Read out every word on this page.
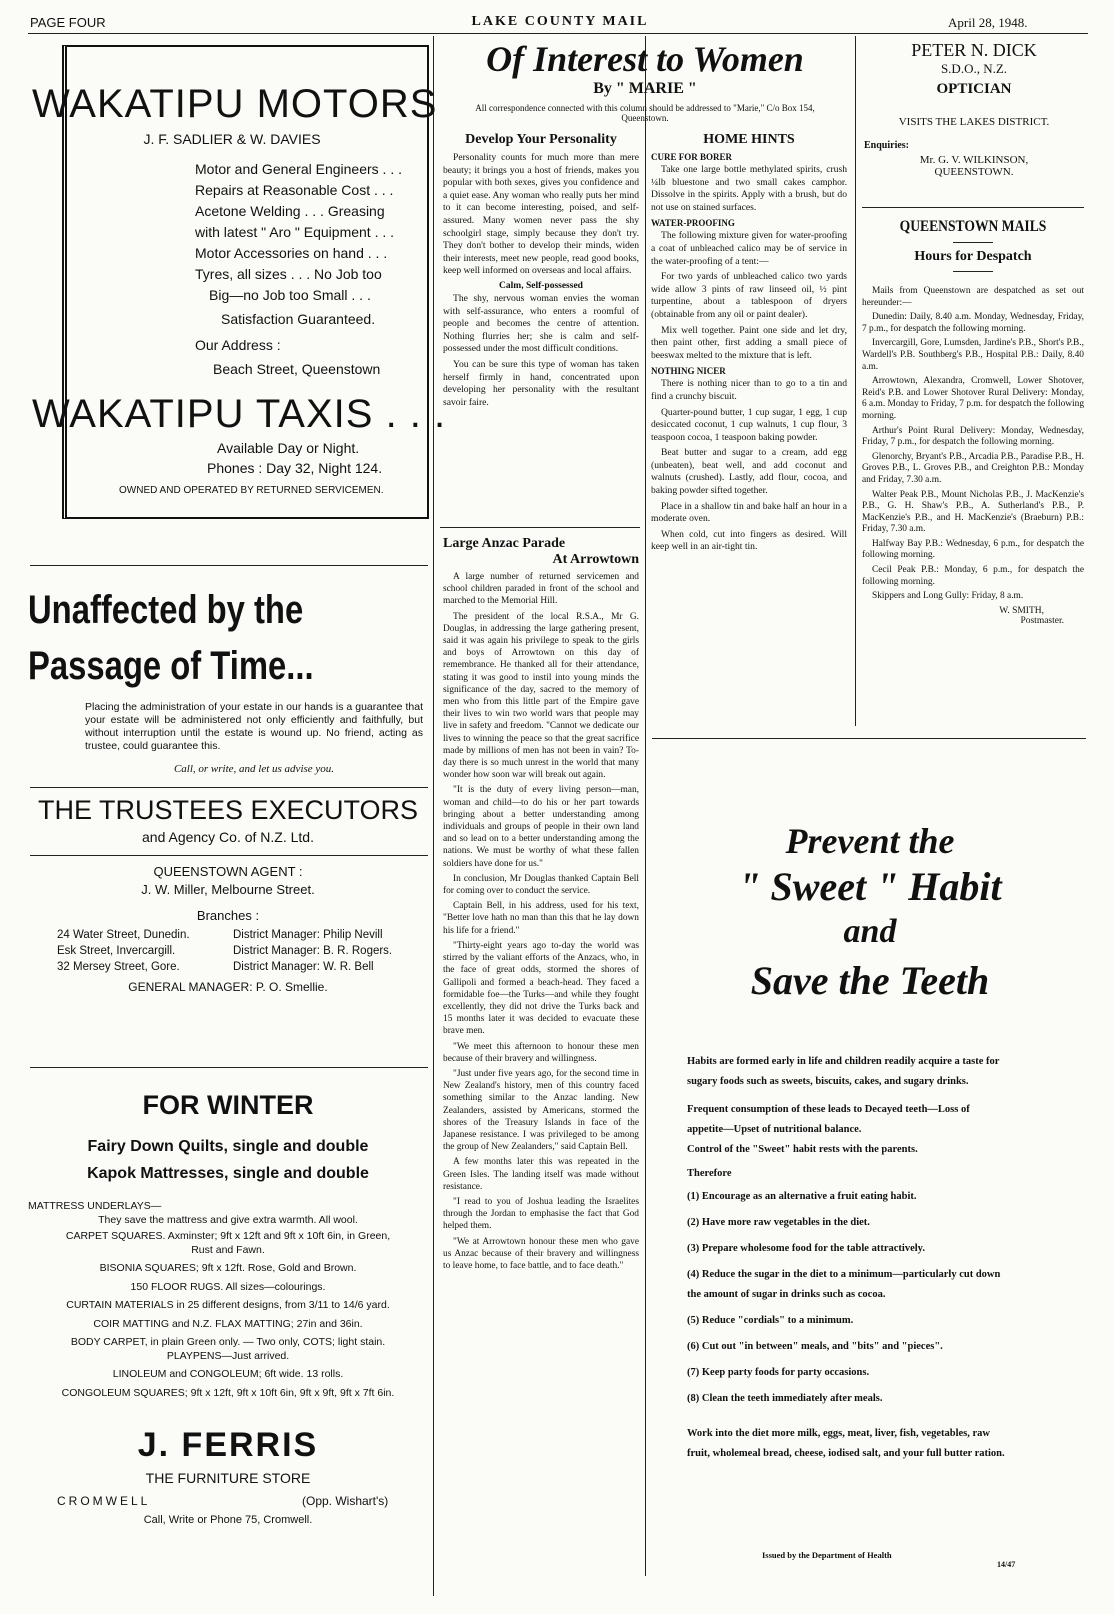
PAGE FOUR	LAKE COUNTY MAIL	April 28, 1948.
WAKATIPU MOTORS
J. F. SADLIER & W. DAVIES
Motor and General Engineers . . .
Repairs at Reasonable Cost . . .
Acetone Welding . . . Greasing
with latest " Aro " Equipment . . .
Motor Accessories on hand . . .
Tyres, all sizes . . . No Job too
Big—no Job too Small . . .
Satisfaction Guaranteed.
Our Address :
Beach Street, Queenstown
WAKATIPU TAXIS . . .
Available Day or Night.
Phones : Day 32, Night 124.
OWNED AND OPERATED BY RETURNED SERVICEMEN.
Unaffected by the
Passage of Time...
Placing the administration of your estate in our hands is a guarantee that your estate will be administered not only efficiently and faithfully, but without interruption until the estate is wound up. No friend, acting as trustee, could guarantee this.
Call, or write, and let us advise you.
THE TRUSTEES EXECUTORS
and Agency Co. of N.Z. Ltd.
QUEENSTOWN AGENT :
J. W. Miller, Melbourne Street.
Branches :
24 Water Street, Dunedin.	District Manager: Philip Nevill
Esk Street, Invercargill.	District Manager: B. R. Rogers.
32 Mersey Street, Gore.	District Manager: W. R. Bell
GENERAL MANAGER: P. O. Smellie.
FOR WINTER
Fairy Down Quilts, single and double
Kapok Mattresses, single and double
MATTRESS UNDERLAYS—
They save the mattress and give extra warmth. All wool.
CARPET SQUARES. Axminster; 9ft x 12ft and 9ft x 10ft 6in, in Green,
Rust and Fawn.
BISONIA SQUARES; 9ft x 12ft. Rose, Gold and Brown.
150 FLOOR RUGS. All sizes—colourings.
CURTAIN MATERIALS in 25 different designs, from 3/11 to 14/6 yard.
COIR MATTING and N.Z. FLAX MATTING; 27in and 36in.
BODY CARPET, in plain Green only. — Two only, COTS; light stain.
PLAYPENS—Just arrived.
LINOLEUM and CONGOLEUM; 6ft wide. 13 rolls.
CONGOLEUM SQUARES; 9ft x 12ft, 9ft x 10ft 6in, 9ft x 9ft, 9ft x 7ft 6in.
J. FERRIS
THE FURNITURE STORE
CROMWELL	(Opp. Wishart's)
Call, Write or Phone 75, Cromwell.
Of Interest to Women
By " MARIE "
All correspondence connected with this column should be addressed to "Marie," C/o Box 154, Queenstown.
Develop Your Personality

Personality counts for much more than mere beauty; it brings you a host of friends, makes you popular with both sexes, gives you confidence and a quiet ease. Any woman who really puts her mind to it can become interesting, poised, and self-assured. Many women never pass the shy schoolgirl stage, simply because they don't try. They don't bother to develop their minds, widen their interests, meet new people, read good books, keep well informed on overseas and local affairs.

Calm, Self-possessed

The shy, nervous woman envies the woman with self-assurance, who enters a roomful of people and becomes the centre of attention. Nothing flurries her; she is calm and self-possessed under the most difficult conditions.

You can be sure this type of woman has taken herself firmly in hand, concentrated upon developing her personality with the resultant savoir faire.

HOME HINTS
CURE FOR BORER

Take one large bottle methylated spirits, crush ¼lb bluestone and two small cakes camphor. Dissolve in the spirits. Apply with a brush, but do not use on stained surfaces.

WATER-PROOFING

The following mixture given for water-proofing a coat of unbleached calico may be of service in the water-proofing of a tent:—

For two yards of unbleached calico two yards wide allow 3 pints of raw linseed oil, ½ pint turpentine, about a tablespoon of dryers (obtainable from any oil or paint dealer).

Mix well together. Paint one side and let dry, then paint other, first adding a small piece of beeswax melted to the mixture that is left.

NOTHING NICER

There is nothing nicer than to go to a tin and find a crunchy biscuit.

Quarter-pound butter, 1 cup sugar, 1 egg, 1 cup desiccated coconut, 1 cup walnuts, 1 cup flour, 3 teaspoon cocoa, 1 teaspoon baking powder.

Beat butter and sugar to a cream, add egg (unbeaten), beat well, and add coconut and walnuts (crushed). Lastly, add flour, cocoa, and baking powder sifted together.

Place in a shallow tin and bake half an hour in a moderate oven.

When cold, cut into fingers as desired. Will keep well in an air-tight tin.

Large Anzac Parade
At Arrowtown

A large number of returned servicemen and school children paraded in front of the school and marched to the Memorial Hill.

The president of the local R.S.A., Mr G. Douglas, in addressing the large gathering present, said it was again his privilege to speak to the girls and boys of Arrowtown on this day of remembrance. He thanked all for their attendance, stating it was good to instil into young minds the significance of the day, sacred to the memory of men who from this little part of the Empire gave their lives to win two world wars that people may live in safety and freedom. "Cannot we dedicate our lives to winning the peace so that the great sacrifice made by millions of men has not been in vain? To-day there is so much unrest in the world that many wonder how soon war will break out again.

"It is the duty of every living person—man, woman and child—to do his or her part towards bringing about a better understanding among individuals and groups of people in their own land and so lead on to a better understanding among the nations. We must be worthy of what these fallen soldiers have done for us."

In conclusion, Mr Douglas thanked Captain Bell for coming over to conduct the service.

Captain Bell, in his address, used for his text, "Better love hath no man than this that he lay down his life for a friend."

"Thirty-eight years ago to-day the world was stirred by the valiant efforts of the Anzacs, who, in the face of great odds, stormed the shores of Gallipoli and formed a beach-head. They faced a formidable foe—the Turks—and while they fought excellently, they did not drive the Turks back and 15 months later it was decided to evacuate these brave men.

"We meet this afternoon to honour these men because of their bravery and willingness.

"Just under five years ago, for the second time in New Zealand's history, men of this country faced something similar to the Anzac landing. New Zealanders, assisted by Americans, stormed the shores of the Treasury Islands in face of the Japanese resistance. I was privileged to be among the group of New Zealanders," said Captain Bell.

A few months later this was repeated in the Green Isles. The landing itself was made without resistance.

"I read to you of Joshua leading the Israelites through the Jordan to emphasise the fact that God helped them.

"We at Arrowtown honour these men who gave us Anzac because of their bravery and willingness to leave home, to face battle, and to face death."

PETER N. DICK
S.D.O., N.Z.
OPTICIAN
VISITS THE LAKES DISTRICT.
Enquiries:
Mr. G. V. WILKINSON,
QUEENSTOWN.
QUEENSTOWN MAILS
Hours for Despatch

Mails from Queenstown are despatched as set out hereunder:—

Dunedin: Daily, 8.40 a.m. Monday, Wednesday, Friday, 7 p.m., for despatch the following morning.

Invercargill, Gore, Lumsden, Jardine's P.B., Short's P.B., Wardell's P.B. Southberg's P.B., Hospital P.B.: Daily, 8.40 a.m.

Arrowtown, Alexandra, Cromwell, Lower Shotover, Reid's P.B. and Lower Shotover Rural Delivery: Monday, 6 a.m. Monday to Friday, 7 p.m. for despatch the following morning.

Arthur's Point Rural Delivery: Monday, Wednesday, Friday, 7 p.m., for despatch the following morning.

Glenorchy, Bryant's P.B., Arcadia P.B., Paradise P.B., H. Groves P.B., L. Groves P.B., and Creighton P.B.: Monday and Friday, 7.30 a.m.

Walter Peak P.B., Mount Nicholas P.B., J. MacKenzie's P.B., G. H. Shaw's P.B., A. Sutherland's P.B., P. MacKenzie's P.B., and H. MacKenzie's (Braeburn) P.B.: Friday, 7.30 a.m.

Halfway Bay P.B.: Wednesday, 6 p.m., for despatch the following morning.

Cecil Peak P.B.: Monday, 6 p.m., for despatch the following morning.

Skippers and Long Gully: Friday, 8 a.m.

W. SMITH,
Postmaster.
Prevent the
" Sweet " Habit
and
Save the Teeth

Habits are formed early in life and children readily acquire a taste for sugary foods such as sweets, biscuits, cakes, and sugary drinks.

Frequent consumption of these leads to Decayed teeth—Loss of appetite—Upset of nutritional balance.

Control of the "Sweet" habit rests with the parents.

Therefore

(1) Encourage as an alternative a fruit eating habit.

(2) Have more raw vegetables in the diet.

(3) Prepare wholesome food for the table attractively.

(4) Reduce the sugar in the diet to a minimum—particularly cut down the amount of sugar in drinks such as cocoa.

(5) Reduce "cordials" to a minimum.

(6) Cut out "in between" meals, and "bits" and "pieces".

(7) Keep party foods for party occasions.

(8) Clean the teeth immediately after meals.

Work into the diet more milk, eggs, meat, liver, fish, vegetables, raw fruit, wholemeal bread, cheese, iodised salt, and your full butter ration.

Issued by the Department of Health
14/47
